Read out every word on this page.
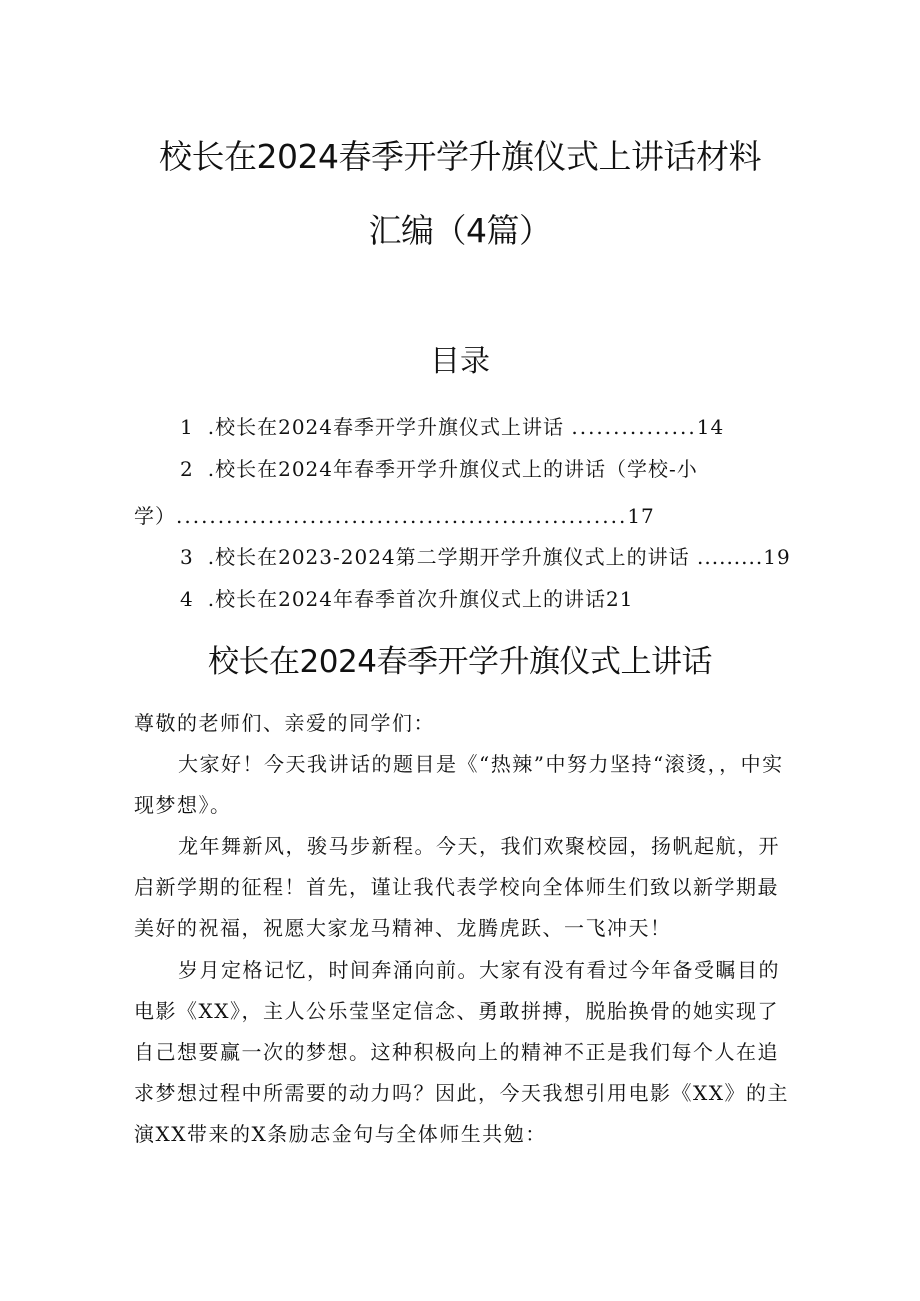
校长在2024春季开学升旗仪式上讲话材料
汇编（4篇）
目录
1 .校长在2024春季开学升旗仪式上讲话 ...............14
2 .校长在2024年春季开学升旗仪式上的讲话（学校-小
学）......................................................17
3 .校长在2023-2024第二学期开学升旗仪式上的讲话 .........19
4 .校长在2024年春季首次升旗仪式上的讲话21
校长在2024春季开学升旗仪式上讲话
尊敬的老师们、亲爱的同学们：
大家好！今天我讲话的题目是《“热辣”中努力坚持“滚烫，，中实现梦想》。
龙年舞新风，骏马步新程。今天，我们欢聚校园，扬帆起航，开启新学期的征程！首先，谨让我代表学校向全体师生们致以新学期最美好的祝福，祝愿大家龙马精神、龙腾虎跃、一飞冲天！
岁月定格记忆，时间奔涌向前。大家有没有看过今年备受瞩目的电影《XX》，主人公乐莹坚定信念、勇敢拼搏，脱胎换骨的她实现了自己想要赢一次的梦想。这种积极向上的精神不正是我们每个人在追求梦想过程中所需要的动力吗？因此，今天我想引用电影《XX》的主演XX带来的X条励志金句与全体师生共勉：
